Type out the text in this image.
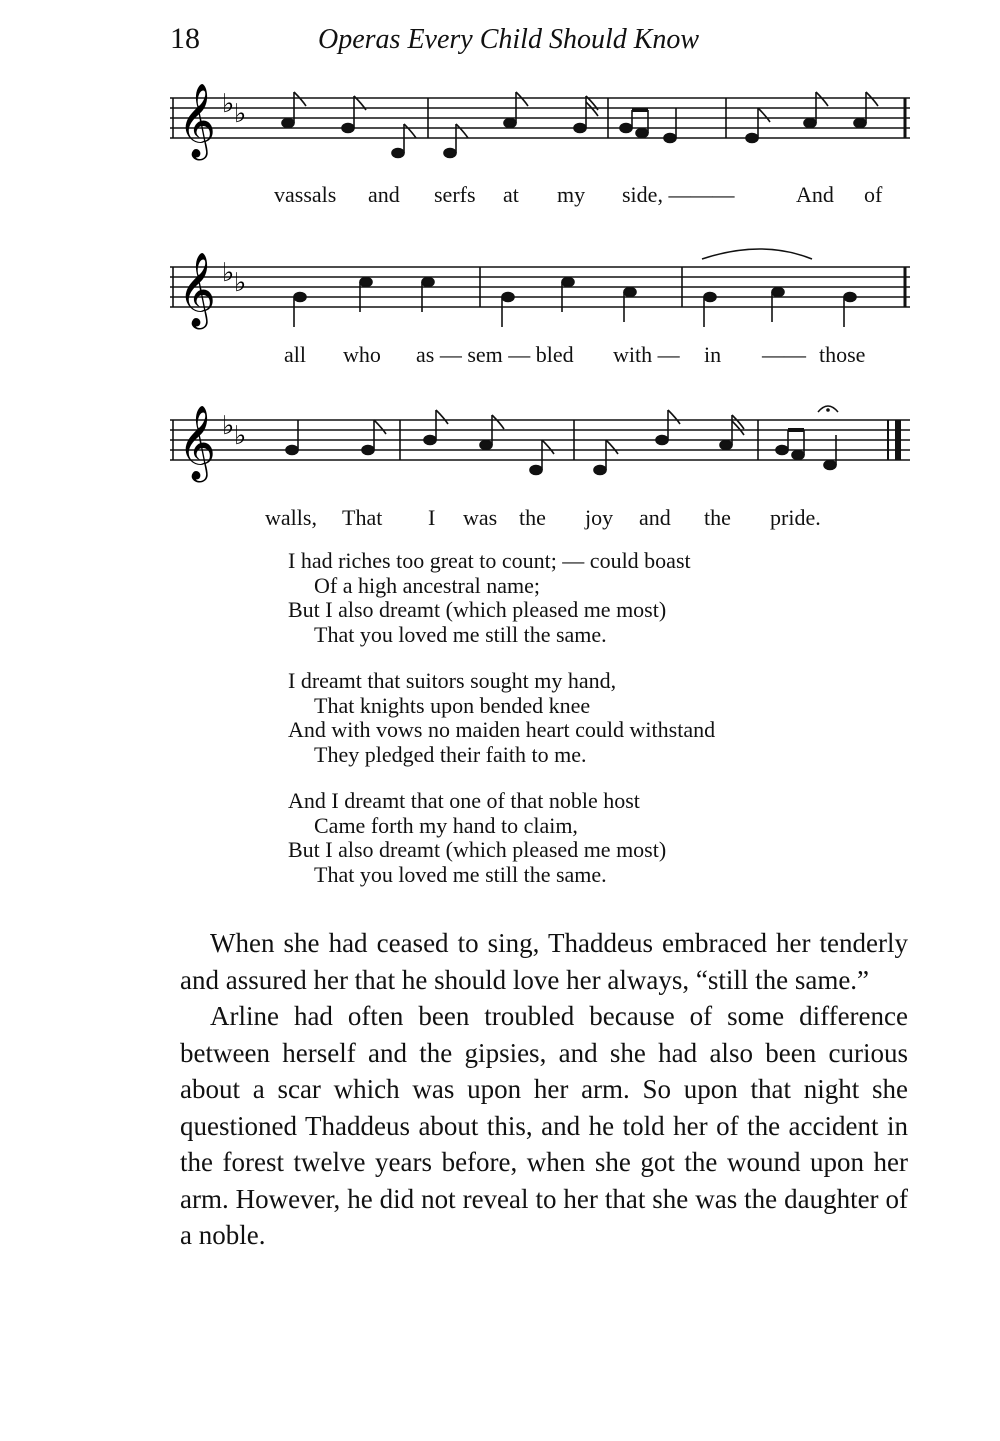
18	Operas Every Child Should Know
𝄞 ♭ ♭
vassals and serfs at my side, ———	And of
𝄞 ♭ ♭
all who as — sem — bled with — in —— those
𝄞 ♭ ♭
walls, That I was the joy and the pride.
I had riches too great to count; — could boast
Of a high ancestral name;
But I also dreamt (which pleased me most)
That you loved me still the same.
I dreamt that suitors sought my hand,
That knights upon bended knee
And with vows no maiden heart could withstand
They pledged their faith to me.
And I dreamt that one of that noble host
Came forth my hand to claim,
But I also dreamt (which pleased me most)
That you loved me still the same.

When she had ceased to sing, Thaddeus embraced her tenderly and assured her that he should love her always, “still the same.”

Arline had often been troubled because of some difference between herself and the gipsies, and she had also been curious about a scar which was upon her arm. So upon that night she questioned Thaddeus about this, and he told her of the accident in the forest twelve years before, when she got the wound upon her arm. However, he did not reveal to her that she was the daughter of a noble.
